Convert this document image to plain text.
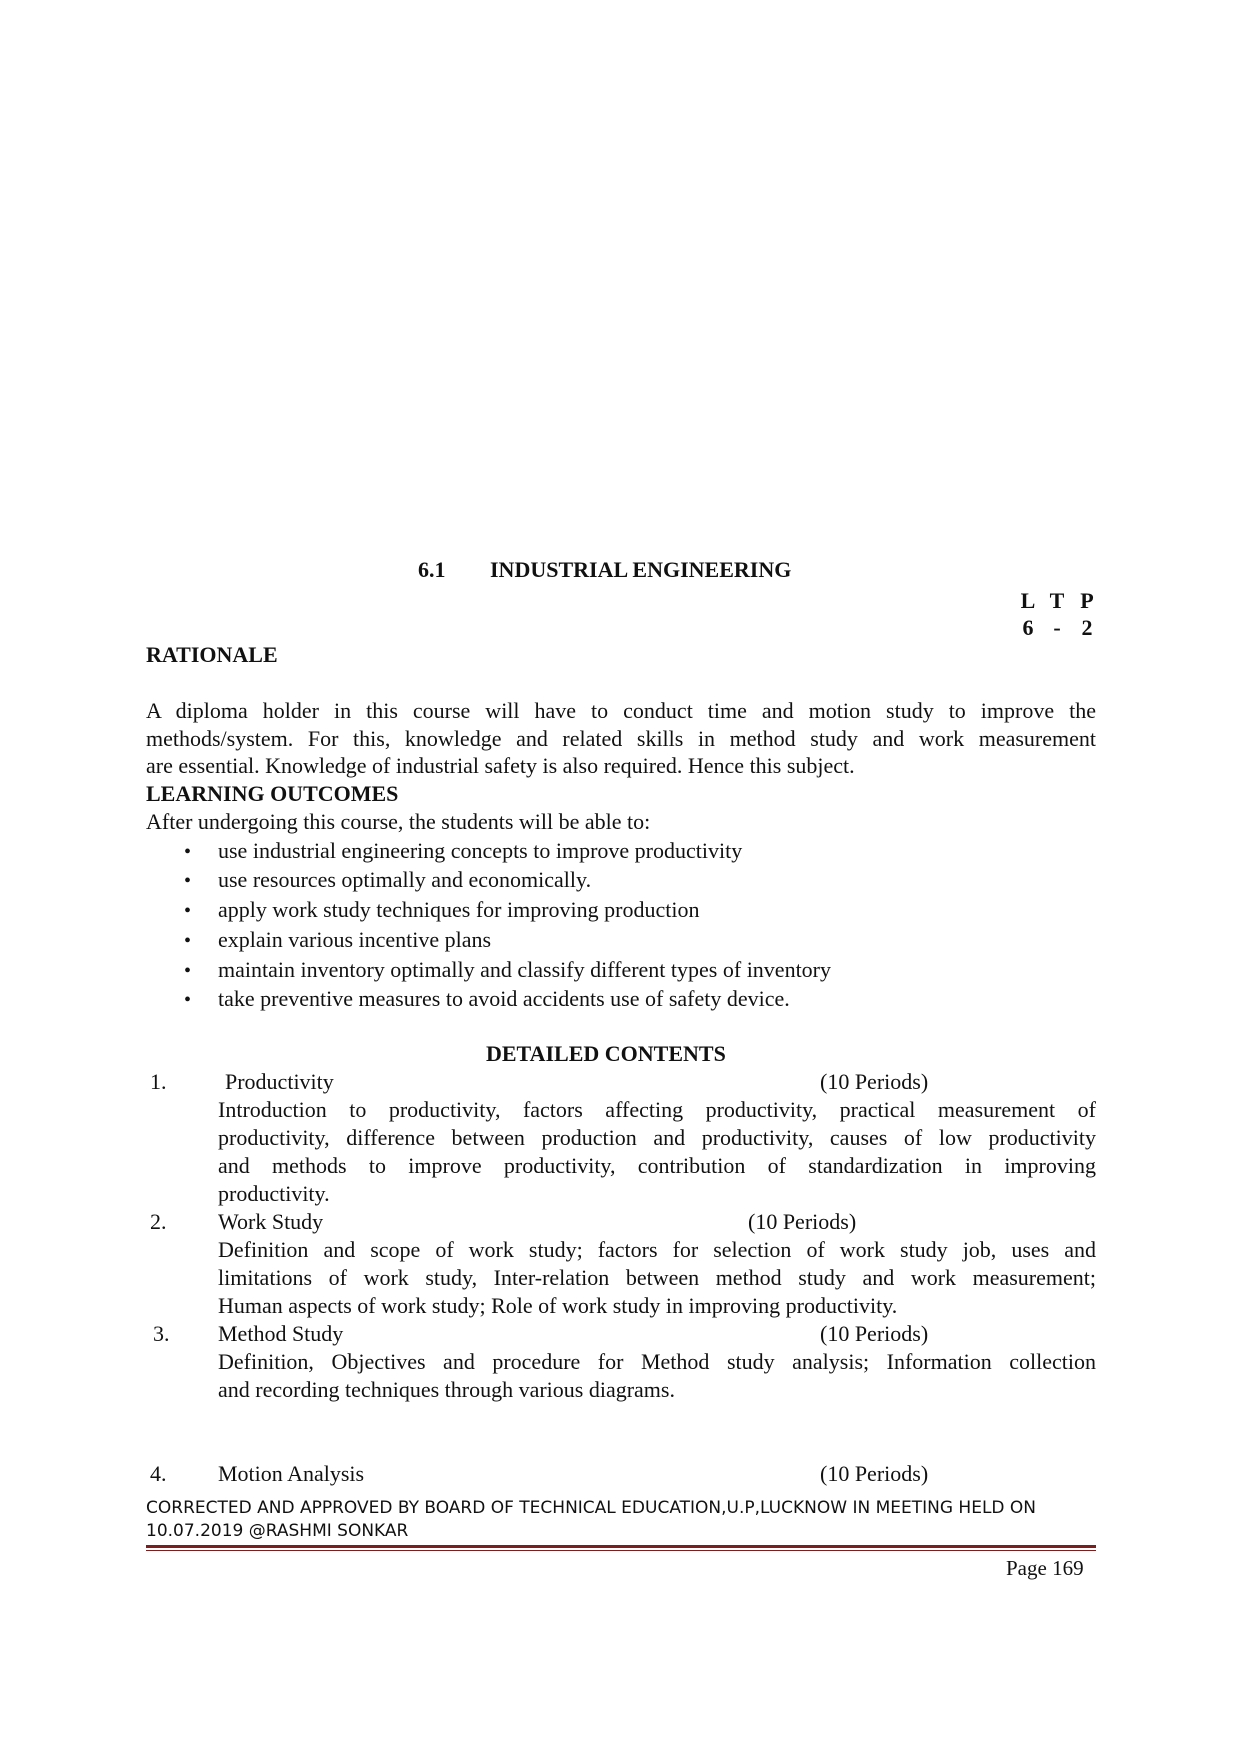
6.1 INDUSTRIAL ENGINEERING
L T P
6 - 2
RATIONALE
A diploma holder in this course will have to conduct time and motion study to improve the
methods/system. For this, knowledge and related skills in method study and work measurement
are essential. Knowledge of industrial safety is also required. Hence this subject.
LEARNING OUTCOMES
After undergoing this course, the students will be able to:
• use industrial engineering concepts to improve productivity
• use resources optimally and economically.
• apply work study techniques for improving production
• explain various incentive plans
• maintain inventory optimally and classify different types of inventory
• take preventive measures to avoid accidents use of safety device.
DETAILED CONTENTS
1.	Productivity	(10 Periods)
Introduction to productivity, factors affecting productivity, practical measurement of
productivity, difference between production and productivity, causes of low productivity
and methods to improve productivity, contribution of standardization in improving
productivity.
2. Work Study	(10 Periods)
Definition and scope of work study; factors for selection of work study job, uses and
limitations of work study, Inter-relation between method study and work measurement;
Human aspects of work study; Role of work study in improving productivity.
3. Method Study	(10 Periods)
Definition, Objectives and procedure for Method study analysis; Information collection
and recording techniques through various diagrams.
4. Motion Analysis	(10 Periods)
CORRECTED AND APPROVED BY BOARD OF TECHNICAL EDUCATION,U.P,LUCKNOW IN MEETING HELD ON
10.07.2019 @RASHMI SONKAR
Page 169
